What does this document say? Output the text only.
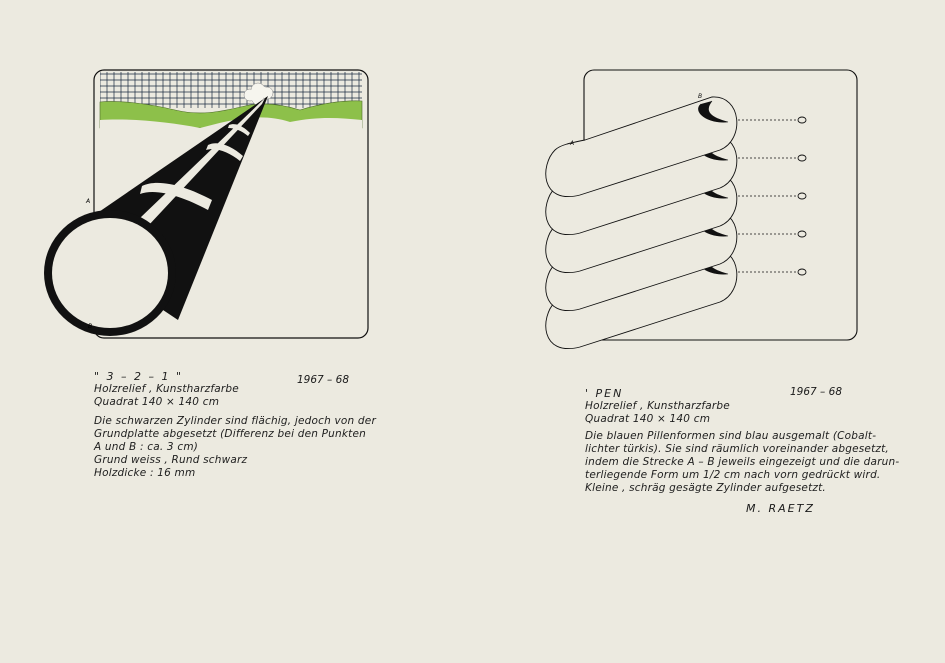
A
B
A
B
" 3 – 2 – 1 "
Holzrelief , Kunstharzfarbe
Quadrat 140 × 140 cm
Die schwarzen Zylinder sind flächig, jedoch von der
Grundplatte abgesetzt (Differenz bei den Punkten
A und B : ca. 3 cm)
Grund weiss , Rund schwarz
Holzdicke : 16 mm
1967 – 68
' PEN
Holzrelief , Kunstharzfarbe
Quadrat 140 × 140 cm
Die blauen Pillenformen sind blau ausgemalt (Cobalt-
lichter türkis). Sie sind räumlich voreinander abgesetzt,
indem die Strecke A – B jeweils eingezeigt und die darun-
terliegende Form um 1/2 cm nach vorn gedrückt wird.
Kleine , schräg gesägte Zylinder aufgesetzt.
1967 – 68
M. RAETZ
